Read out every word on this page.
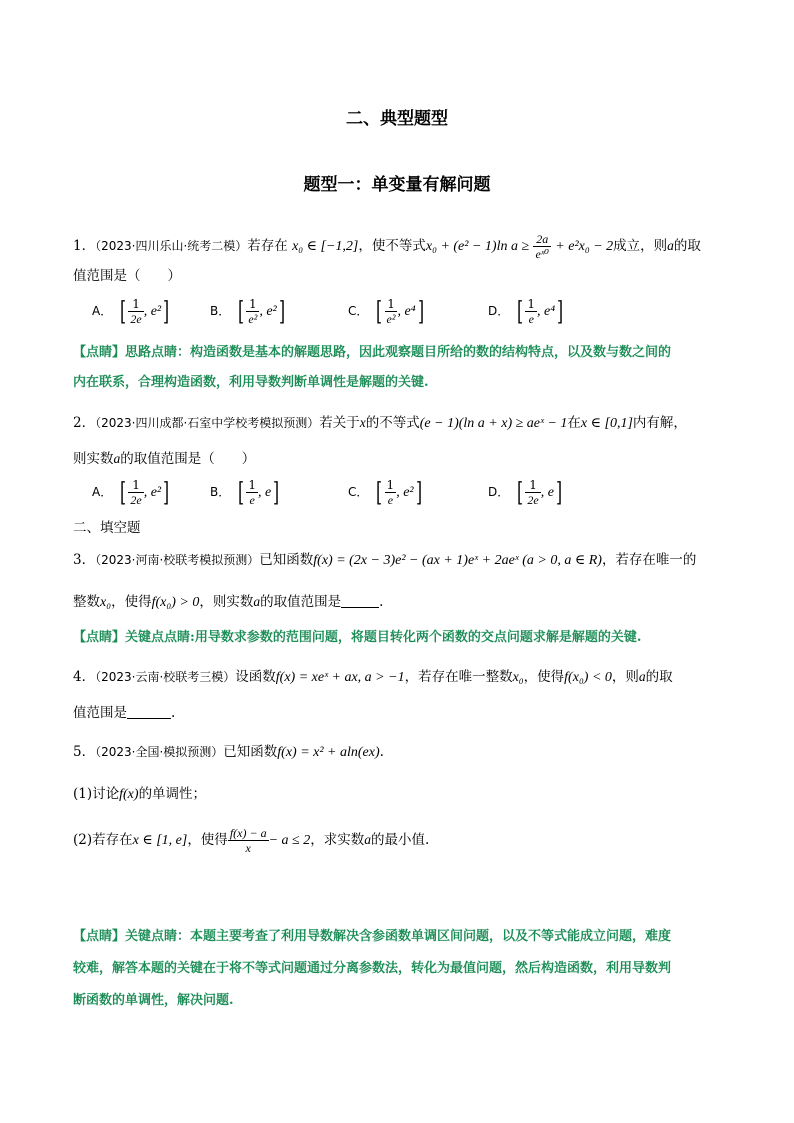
二、典型题型
题型一：单变量有解问题
1．（2023·四川乐山·统考二模）若存在 x₀ ∈ [−1,2]，使不等式x₀ + (e² − 1)ln $a \ge \frac{2a}{\text{eˣ⁰}} + e^2x_0 - 2$成立，则a的取
值范围是（　　）
A． [ $\frac{1}{2e}$ , e²]	B． [ $\frac{1}{\text{e²}}$ , e²]	C． [ $\frac{1}{\text{e²}}$ , e⁴]	D． [ $\frac{1}{e}$ , e⁴]
【点睛】思路点睛：构造函数是基本的解题思路，因此观察题目所给的数的结构特点，以及数与数之间的
内在联系，合理构造函数，利用导数判断单调性是解题的关键.
2．（2023·四川成都·石室中学校考模拟预测）若关于x的不等式(e − 1)(ln a + x) ≥ aeˣ − 1在x ∈ [0,1]内有解，
则实数a的取值范围是（　　）
A． [ $\frac{1}{2e}$ , e²]	B． [ $\frac{1}{e}$ , e]	C． [ $\frac{1}{e}$ , e²]	D． [ $\frac{1}{2e}$ , e]
二、填空题
3．（2023·河南·校联考模拟预测）已知函数f(x) = (2x − 3)e² − (ax + 1)eˣ + 2aeˣ (a > 0, a ∈ R)，若存在唯一的
整数x₀，使得f(x₀) > 0，则实数a的取值范围是	.
【点睛】关键点点睛:用导数求参数的范围问题，将题目转化两个函数的交点问题求解是解题的关键.
4．（2023·云南·校联考三模）设函数f(x) = xeˣ + ax, a > −1，若存在唯一整数x₀，使得f(x₀) < 0，则a的取
值范围是	.
5．（2023·全国·模拟预测）已知函数f(x) = x² + aln(ex).
(1)讨论f(x)的单调性；
(2)若存在x ∈ [1, e]，使得 $\frac{f(x) - a}{x} - a \le 2$，求实数a的最小值.
【点睛】关键点睛：本题主要考查了利用导数解决含参函数单调区间问题，以及不等式能成立问题，难度
较难，解答本题的关键在于将不等式问题通过分离参数法，转化为最值问题，然后构造函数，利用导数判
断函数的单调性，解决问题.
